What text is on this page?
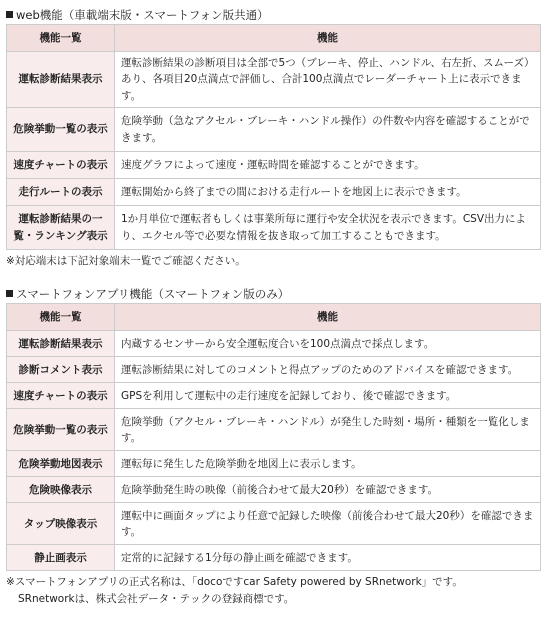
web機能（車載端末版・スマートフォン版共通）
機能一覧	機能
運転診断結果表示	運転診断結果の診断項目は全部で5つ（ブレーキ、停止、ハンドル、右左折、スムーズ）あり、各項目20点満点で評価し、合計100点満点でレーダーチャート上に表示できます。
危険挙動一覧の表示	危険挙動（急なアクセル・ブレーキ・ハンドル操作）の件数や内容を確認することができます。
速度チャートの表示	速度グラフによって速度・運転時間を確認することができます。
走行ルートの表示	運転開始から終了までの間における走行ルートを地図上に表示できます。
運転診断結果の一覧・ランキング表示	1か月単位で運転者もしくは事業所毎に運行や安全状況を表示できます。CSV出力により、エクセル等で必要な情報を抜き取って加工することもできます。
※対応端末は下記対象端末一覧でご確認ください。
スマートフォンアプリ機能（スマートフォン版のみ）
機能一覧	機能
運転診断結果表示	内蔵するセンサーから安全運転度合いを100点満点で採点します。
診断コメント表示	運転診断結果に対してのコメントと得点アップのためのアドバイスを確認できます。
速度チャートの表示	GPSを利用して運転中の走行速度を記録しており、後で確認できます。
危険挙動一覧の表示	危険挙動（アクセル・ブレーキ・ハンドル）が発生した時刻・場所・種類を一覧化します。
危険挙動地図表示	運転毎に発生した危険挙動を地図上に表示します。
危険映像表示	危険挙動発生時の映像（前後合わせて最大20秒）を確認できます。
タップ映像表示	運転中に画面タップにより任意で記録した映像（前後合わせて最大20秒）を確認できます。
静止画表示	定常的に記録する1分毎の静止画を確認できます。
※スマートフォンアプリの正式名称は、「docoですcar Safety powered by SRnetwork」です。
SRnetworkは、株式会社データ・テックの登録商標です。
